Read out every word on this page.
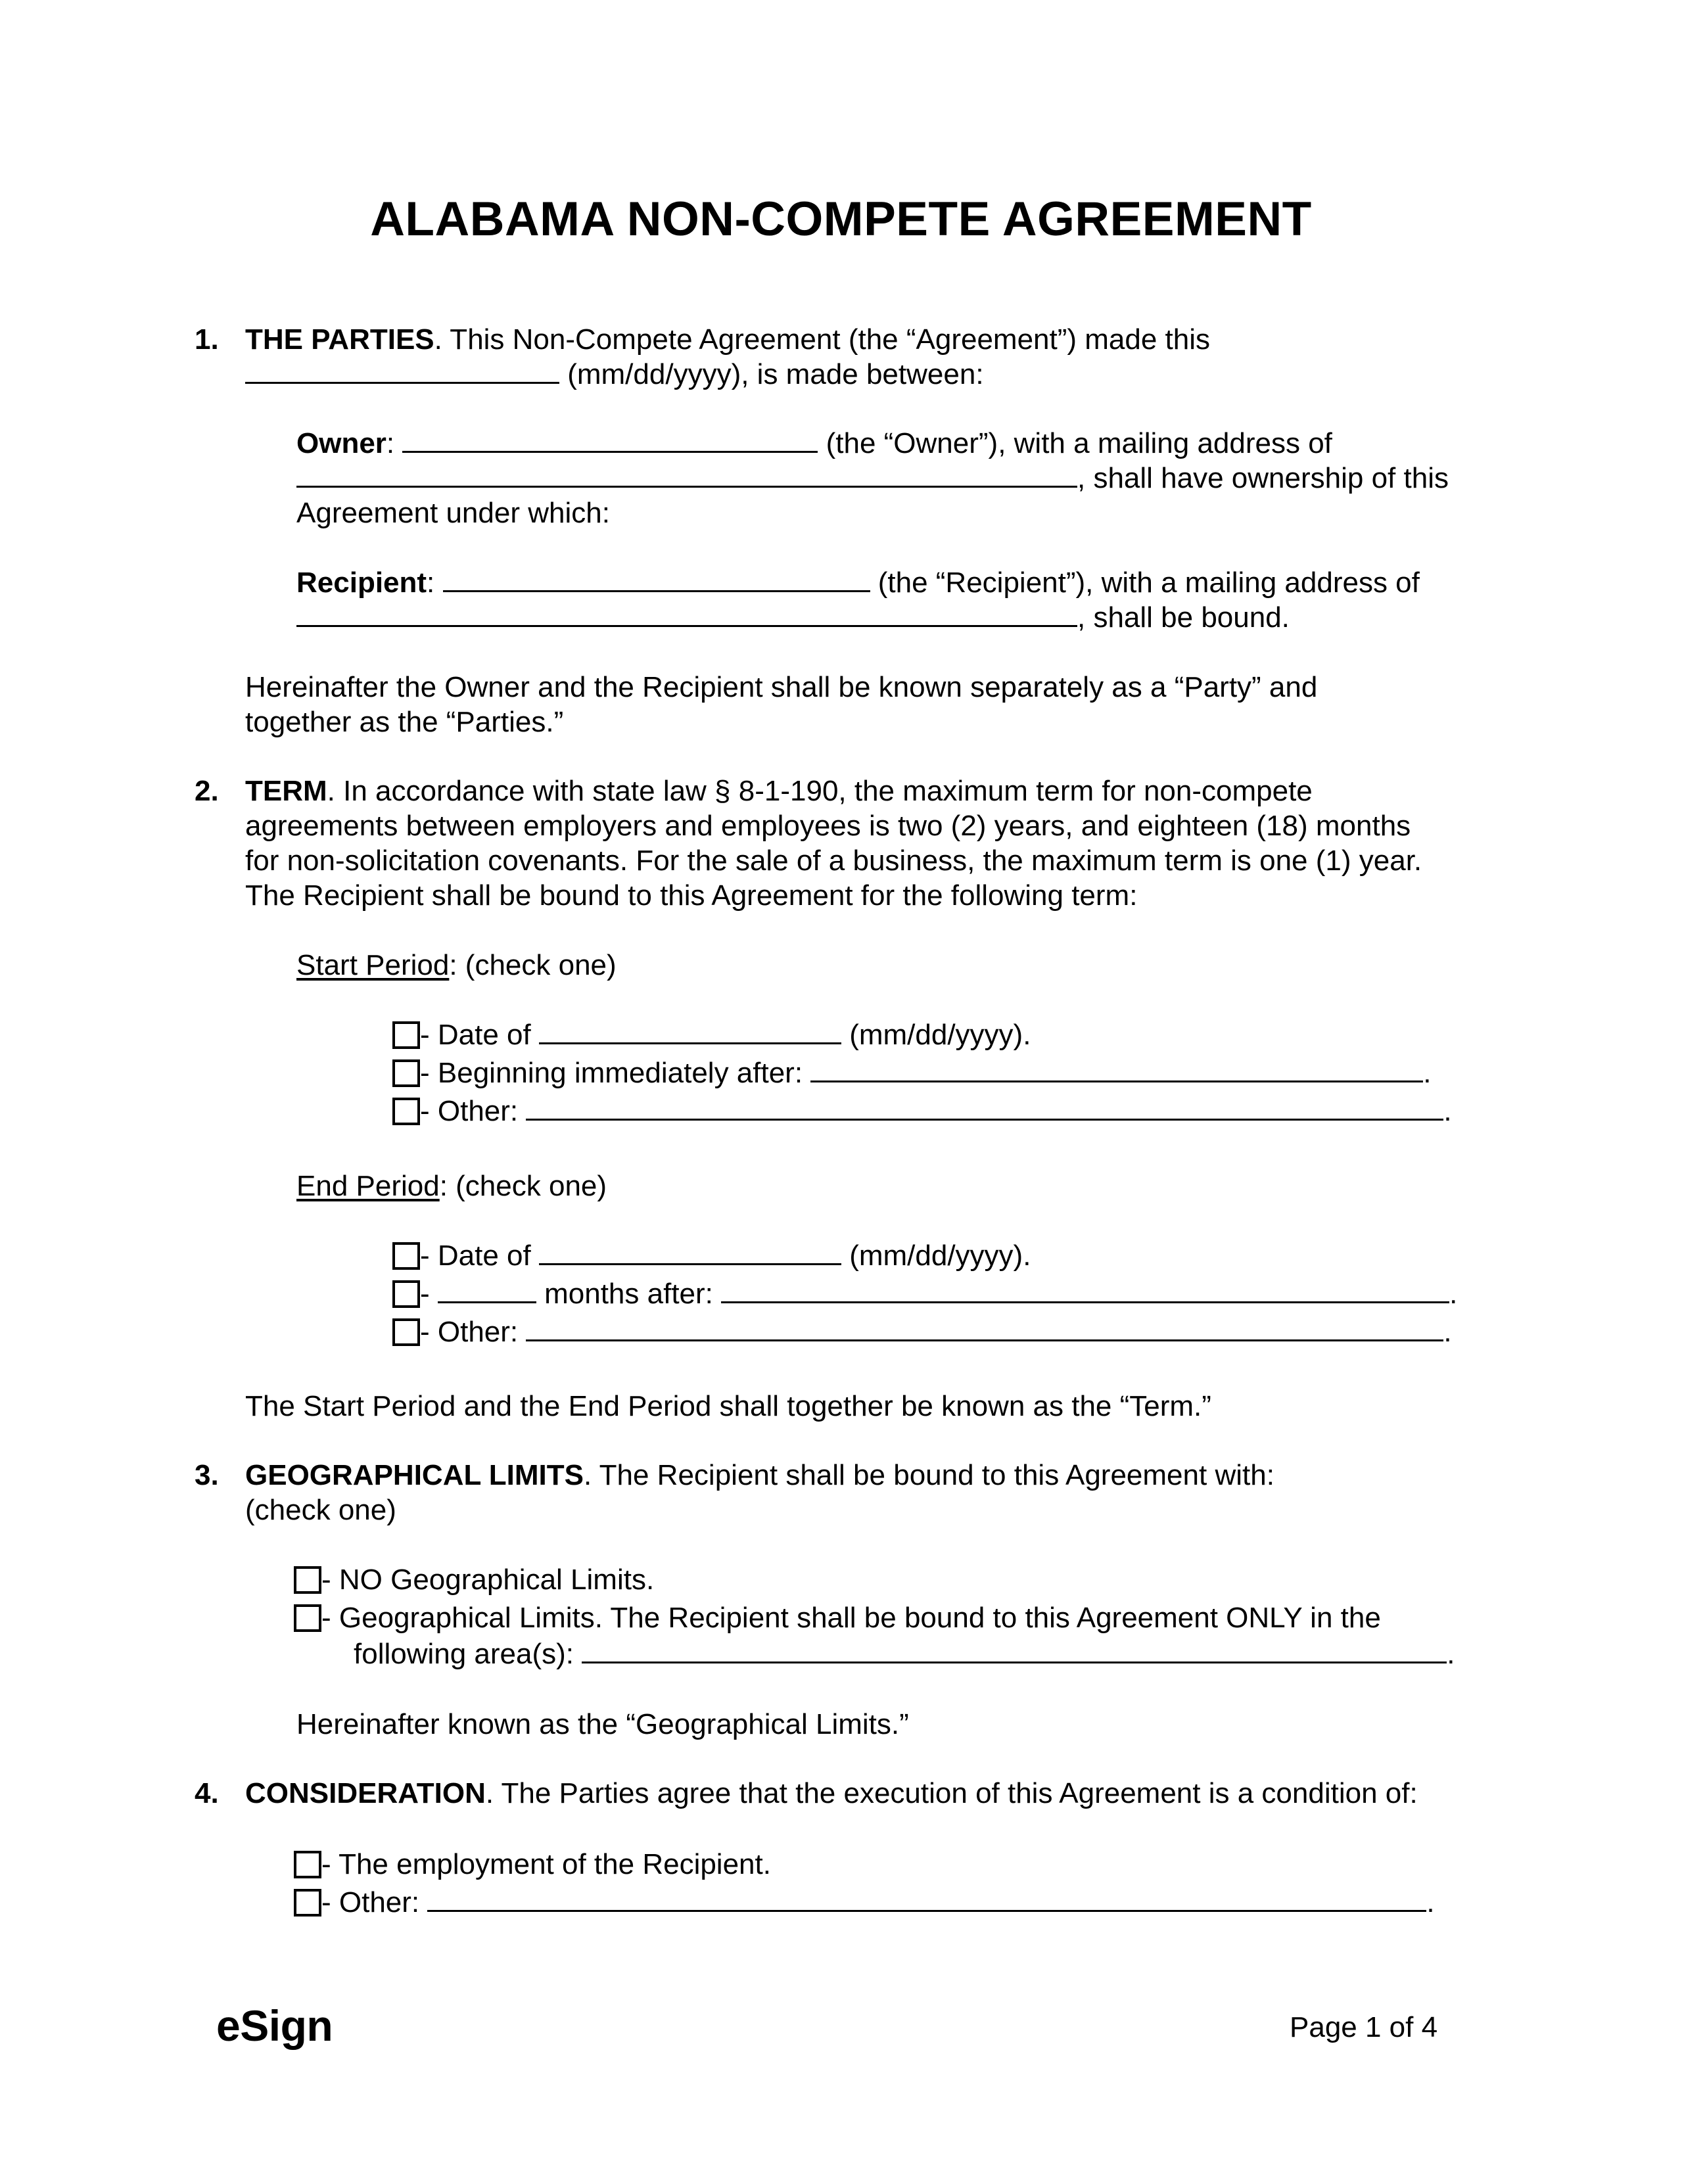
ALABAMA NON-COMPETE AGREEMENT
1. THE PARTIES. This Non-Compete Agreement (the “Agreement”) made this
(mm/dd/yyyy), is made between:
Owner:	(the “Owner”), with a mailing address of
, shall have ownership of this
Agreement under which:
Recipient:	(the “Recipient”), with a mailing address of
, shall be bound.
Hereinafter the Owner and the Recipient shall be known separately as a “Party” and
together as the “Parties.”
2. TERM. In accordance with state law § 8-1-190, the maximum term for non-compete
agreements between employers and employees is two (2) years, and eighteen (18) months
for non-solicitation covenants. For the sale of a business, the maximum term is one (1) year.
The Recipient shall be bound to this Agreement for the following term:
Start Period: (check one)
- Date of	(mm/dd/yyyy).
- Beginning immediately after:	.
- Other:	.
End Period: (check one)
- Date of	(mm/dd/yyyy).
-	months after:	.
- Other:	.
The Start Period and the End Period shall together be known as the “Term.”
3. GEOGRAPHICAL LIMITS. The Recipient shall be bound to this Agreement with:
(check one)
- NO Geographical Limits.
- Geographical Limits. The Recipient shall be bound to this Agreement ONLY in the
following area(s):	.
Hereinafter known as the “Geographical Limits.”
4. CONSIDERATION. The Parties agree that the execution of this Agreement is a condition of:
- The employment of the Recipient.
- Other:	.
eSign	Page 1 of 4
